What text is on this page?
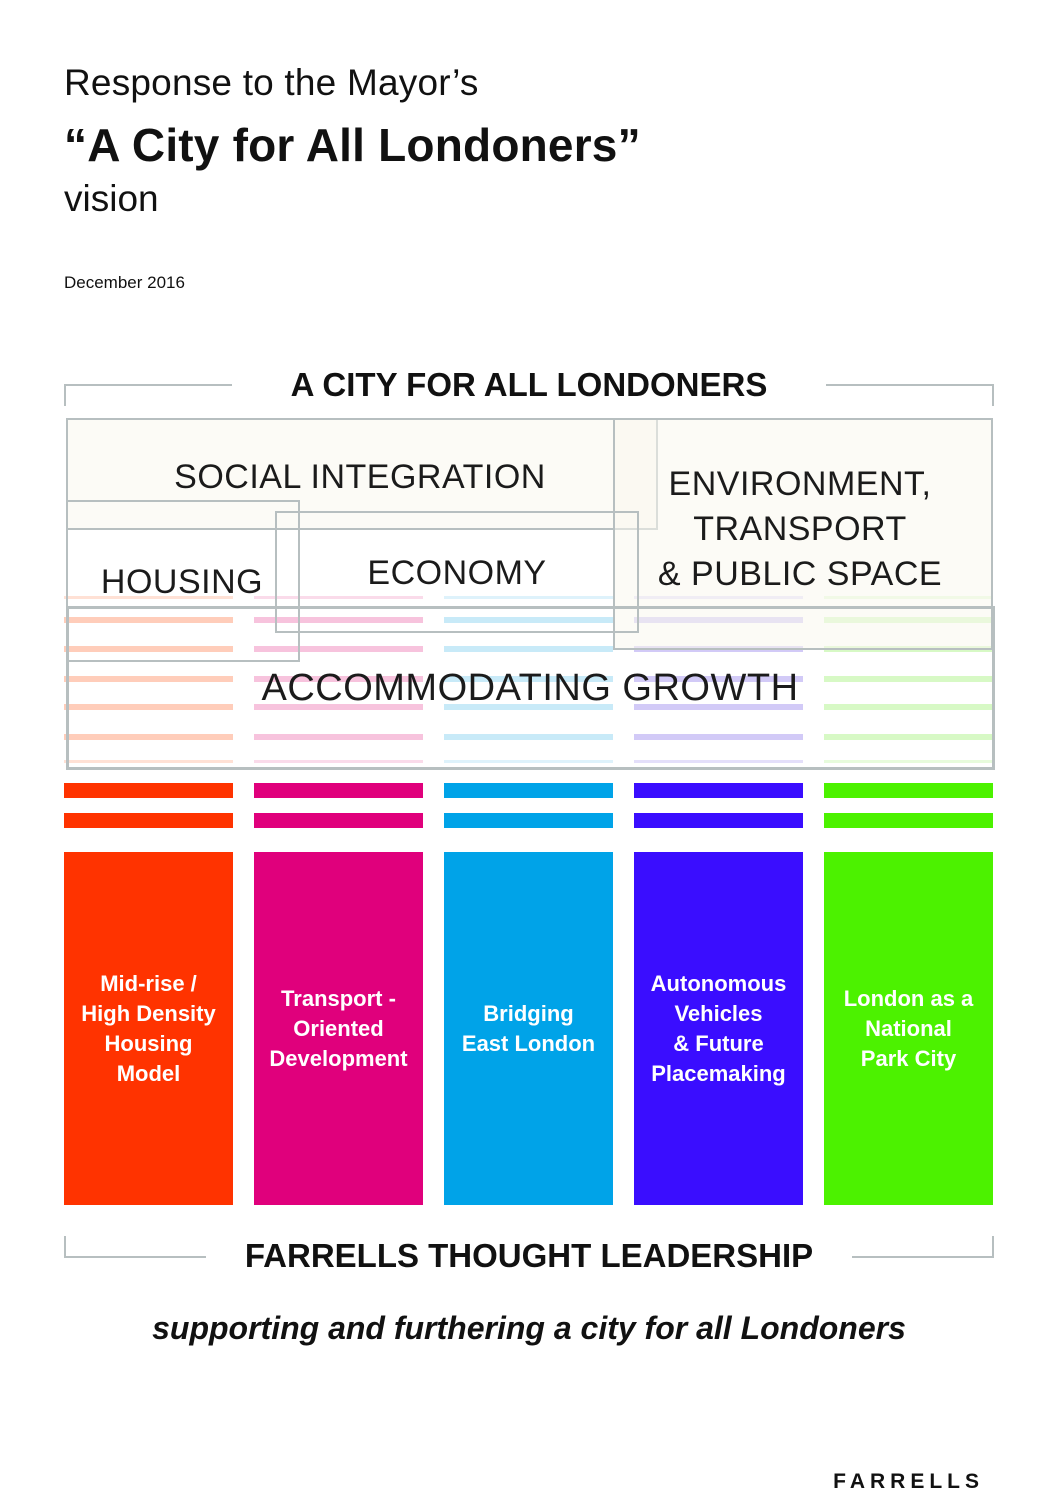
Response to the Mayor’s
“A City for All Londoners”
vision
December 2016
A CITY FOR ALL LONDONERS
SOCIAL INTEGRATION	ENVIRONMENT,
TRANSPORT
& PUBLIC SPACE
HOUSING	ECONOMY
ACCOMMODATING GROWTH
Mid-rise /
High Density
Housing
Model
Transport -
Oriented
Development
Bridging
East London
Autonomous
Vehicles
& Future
Placemaking
London as a
National
Park City
FARRELLS THOUGHT LEADERSHIP
supporting and furthering a city for all Londoners
FARRELLS
